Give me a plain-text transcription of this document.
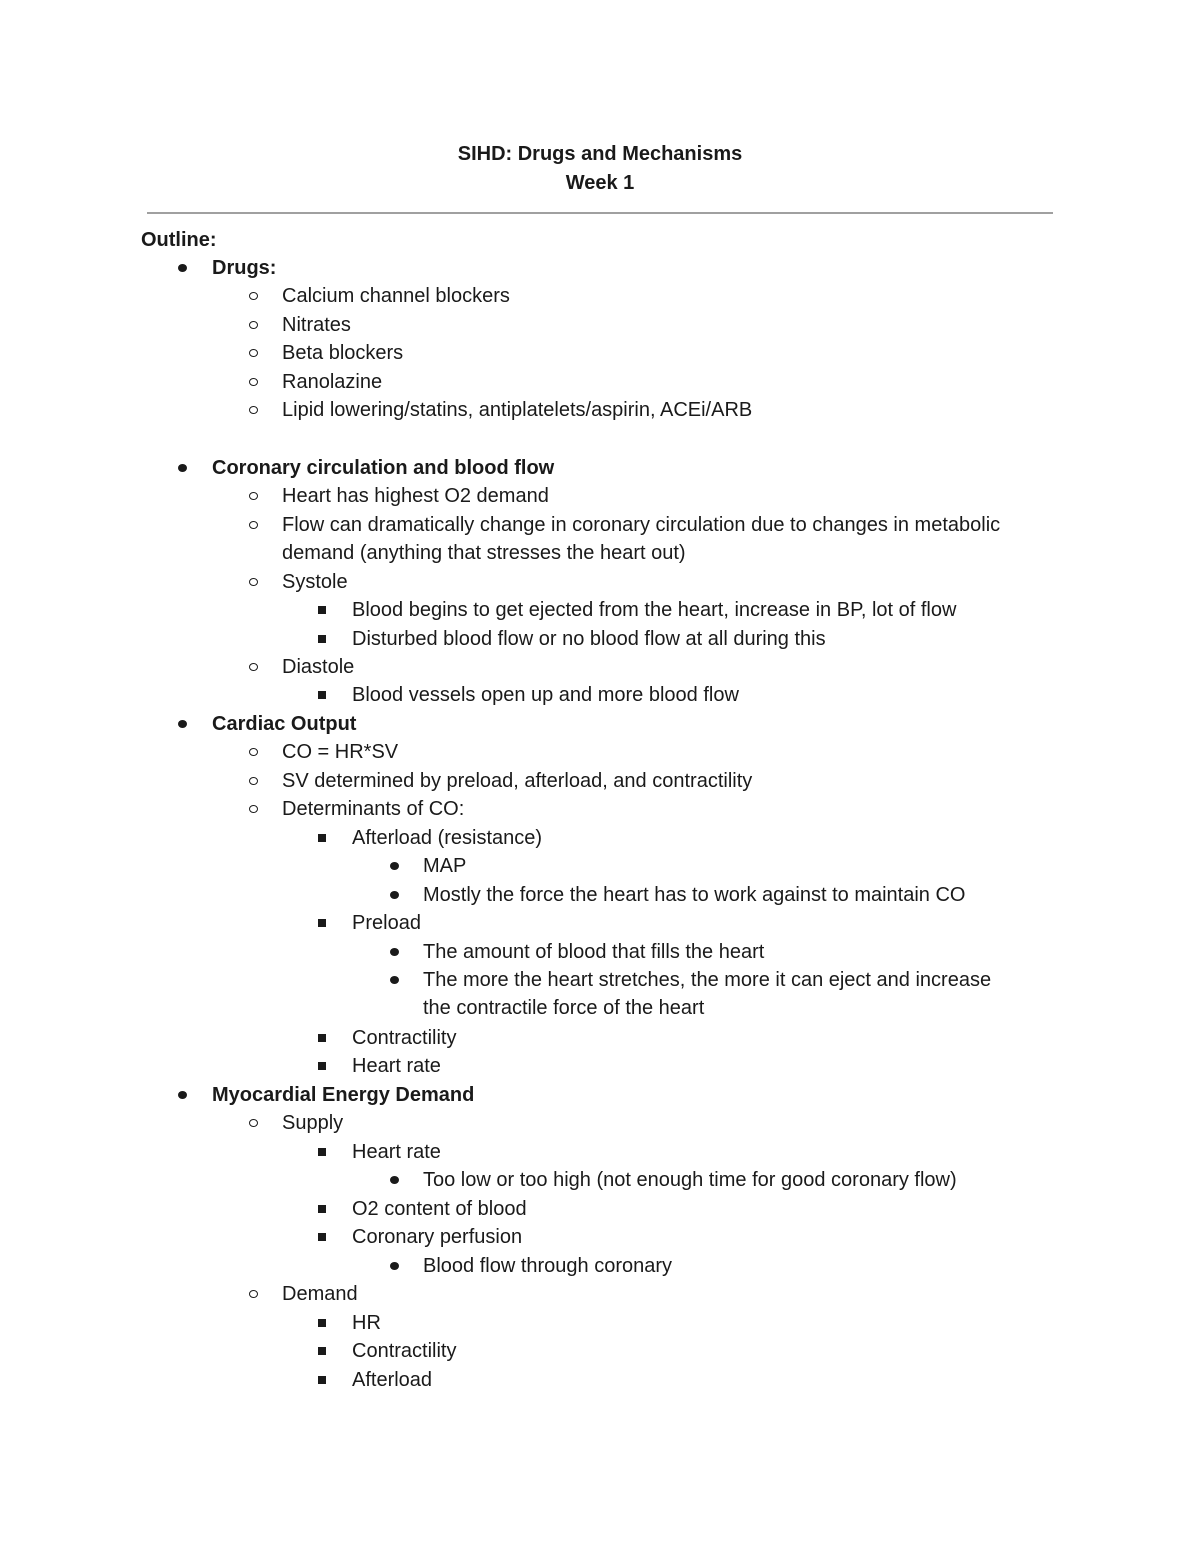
SIHD: Drugs and Mechanisms
Week 1
Outline:
Drugs:
Calcium channel blockers
Nitrates
Beta blockers
Ranolazine
Lipid lowering/statins, antiplatelets/aspirin, ACEi/ARB
Coronary circulation and blood flow
Heart has highest O2 demand
Flow can dramatically change in coronary circulation due to changes in metabolic
demand (anything that stresses the heart out)
Systole
Blood begins to get ejected from the heart, increase in BP, lot of flow
Disturbed blood flow or no blood flow at all during this
Diastole
Blood vessels open up and more blood flow
Cardiac Output
CO = HR*SV
SV determined by preload, afterload, and contractility
Determinants of CO:
Afterload (resistance)
MAP
Mostly the force the heart has to work against to maintain CO
Preload
The amount of blood that fills the heart
The more the heart stretches, the more it can eject and increase
the contractile force of the heart
Contractility
Heart rate
Myocardial Energy Demand
Supply
Heart rate
Too low or too high (not enough time for good coronary flow)
O2 content of blood
Coronary perfusion
Blood flow through coronary
Demand
HR
Contractility
Afterload
